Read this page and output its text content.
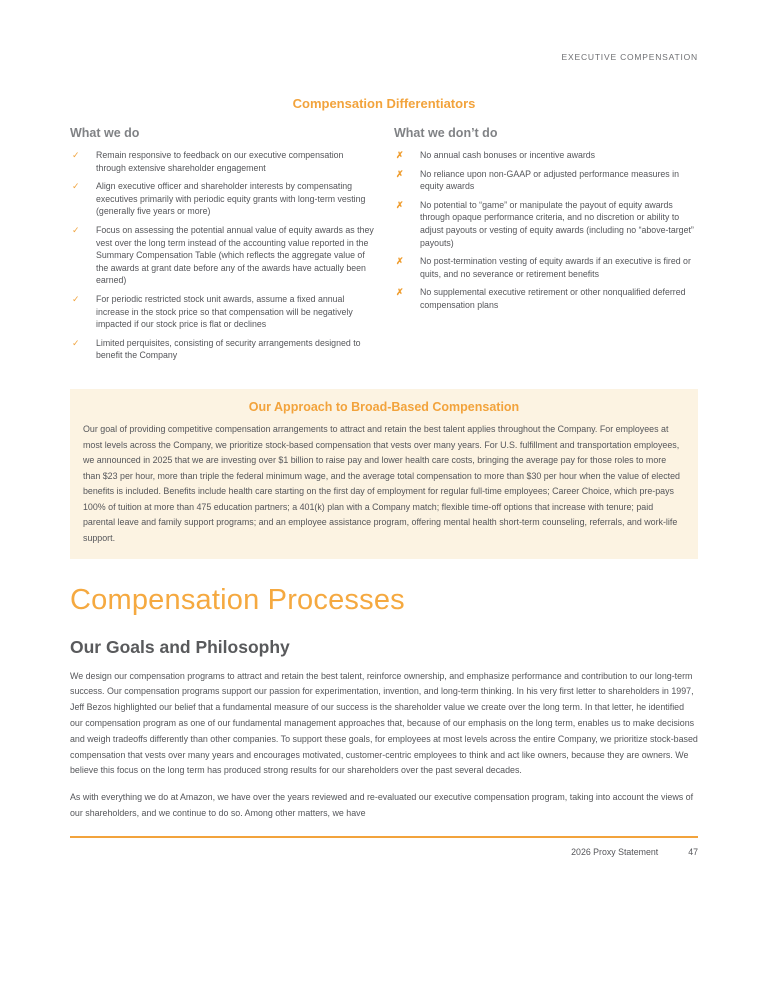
EXECUTIVE COMPENSATION
Compensation Differentiators
What we do
✓	Remain responsive to feedback on our executive compensation through extensive shareholder engagement
✓	Align executive officer and shareholder interests by compensating executives primarily with periodic equity grants with long-term vesting (generally five years or more)
✓	Focus on assessing the potential annual value of equity awards as they vest over the long term instead of the accounting value reported in the Summary Compensation Table (which reflects the aggregate value of the awards at grant date before any of the awards have actually been earned)
✓	For periodic restricted stock unit awards, assume a fixed annual increase in the stock price so that compensation will be negatively impacted if our stock price is flat or declines
✓	Limited perquisites, consisting of security arrangements designed to benefit the Company
What we don’t do
✗	No annual cash bonuses or incentive awards
✗	No reliance upon non-GAAP or adjusted performance measures in equity awards
✗	No potential to “game” or manipulate the payout of equity awards through opaque performance criteria, and no discretion or ability to adjust payouts or vesting of equity awards (including no “above-target” payouts)
✗	No post-termination vesting of equity awards if an executive is fired or quits, and no severance or retirement benefits
✗	No supplemental executive retirement or other nonqualified deferred compensation plans
Our Approach to Broad-Based Compensation
Our goal of providing competitive compensation arrangements to attract and retain the best talent applies throughout the Company. For employees at most levels across the Company, we prioritize stock-based compensation that vests over many years. For U.S. fulfillment and transportation employees, we announced in 2025 that we are investing over $1 billion to raise pay and lower health care costs, bringing the average pay for those roles to more than $23 per hour, more than triple the federal minimum wage, and the average total compensation to more than $30 per hour when the value of elected benefits is included. Benefits include health care starting on the first day of employment for regular full-time employees; Career Choice, which pre-pays 100% of tuition at more than 475 education partners; a 401(k) plan with a Company match; flexible time-off options that increase with tenure; paid parental leave and family support programs; and an employee assistance program, offering mental health short-term counseling, referrals, and work-life support.
Compensation Processes
Our Goals and Philosophy

We design our compensation programs to attract and retain the best talent, reinforce ownership, and emphasize performance and contribution to our long-term success. Our compensation programs support our passion for experimentation, invention, and long-term thinking. In his very first letter to shareholders in 1997, Jeff Bezos highlighted our belief that a fundamental measure of our success is the shareholder value we create over the long term. In that letter, he identified our compensation program as one of our fundamental management approaches that, because of our emphasis on the long term, enables us to make decisions and weigh tradeoffs differently than other companies. To support these goals, for employees at most levels across the entire Company, we prioritize stock-based compensation that vests over many years and encourages motivated, customer-centric employees to think and act like owners, because they are owners. We believe this focus on the long term has produced strong results for our shareholders over the past several decades.

As with everything we do at Amazon, we have over the years reviewed and re-evaluated our executive compensation program, taking into account the views of our shareholders, and we continue to do so. Among other matters, we have

2026 Proxy Statement	47
